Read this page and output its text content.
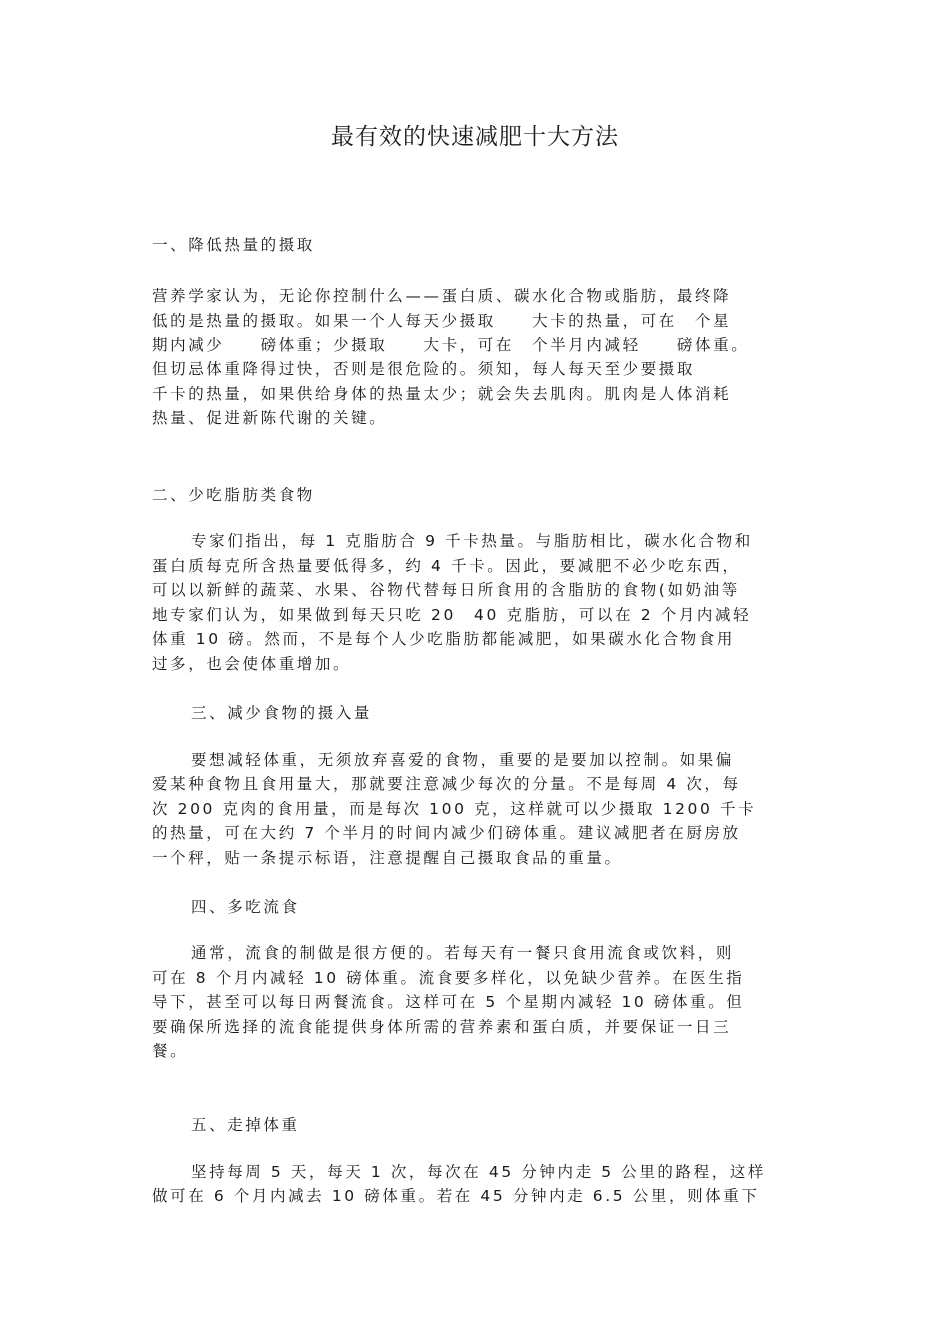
最有效的快速减肥十大方法
一、降低热量的摄取
营养学家认为，无论你控制什么——蛋白质、碳水化合物或脂肪，最终降
低的是热量的摄取。如果一个人每天少摄取　　大卡的热量，可在　个星
期内减少　　磅体重；少摄取　　大卡，可在　个半月内减轻　　磅体重。
但切忌体重降得过快，否则是很危险的。须知，每人每天至少要摄取
千卡的热量，如果供给身体的热量太少；就会失去肌肉。肌肉是人体消耗
热量、促进新陈代谢的关键。
二、少吃脂肪类食物
专家们指出，每 1 克脂肪合 9 千卡热量。与脂肪相比，碳水化合物和
蛋白质每克所含热量要低得多，约 4 千卡。因此，要减肥不必少吃东西，
可以以新鲜的蔬菜、水果、谷物代替每日所食用的含脂肪的食物(如奶油等
地专家们认为，如果做到每天只吃 20　40 克脂肪，可以在 2 个月内减轻
体重 10 磅。然而，不是每个人少吃脂肪都能减肥，如果碳水化合物食用
过多，也会使体重增加。
三、减少食物的摄入量
要想减轻体重，无须放弃喜爱的食物，重要的是要加以控制。如果偏
爱某种食物且食用量大，那就要注意减少每次的分量。不是每周 4 次，每
次 200 克肉的食用量，而是每次 100 克，这样就可以少摄取 1200 千卡
的热量，可在大约 7 个半月的时间内减少们磅体重。建议减肥者在厨房放
一个秤，贴一条提示标语，注意提醒自己摄取食品的重量。
四、多吃流食
通常，流食的制做是很方便的。若每天有一餐只食用流食或饮料，则
可在 8 个月内减轻 10 磅体重。流食要多样化，以免缺少营养。在医生指
导下，甚至可以每日两餐流食。这样可在 5 个星期内减轻 10 磅体重。但
要确保所选择的流食能提供身体所需的营养素和蛋白质，并要保证一日三
餐。
五、走掉体重
坚持每周 5 天，每天 1 次，每次在 45 分钟内走 5 公里的路程，这样
做可在 6 个月内减去 10 磅体重。若在 45 分钟内走 6.5 公里，则体重下
